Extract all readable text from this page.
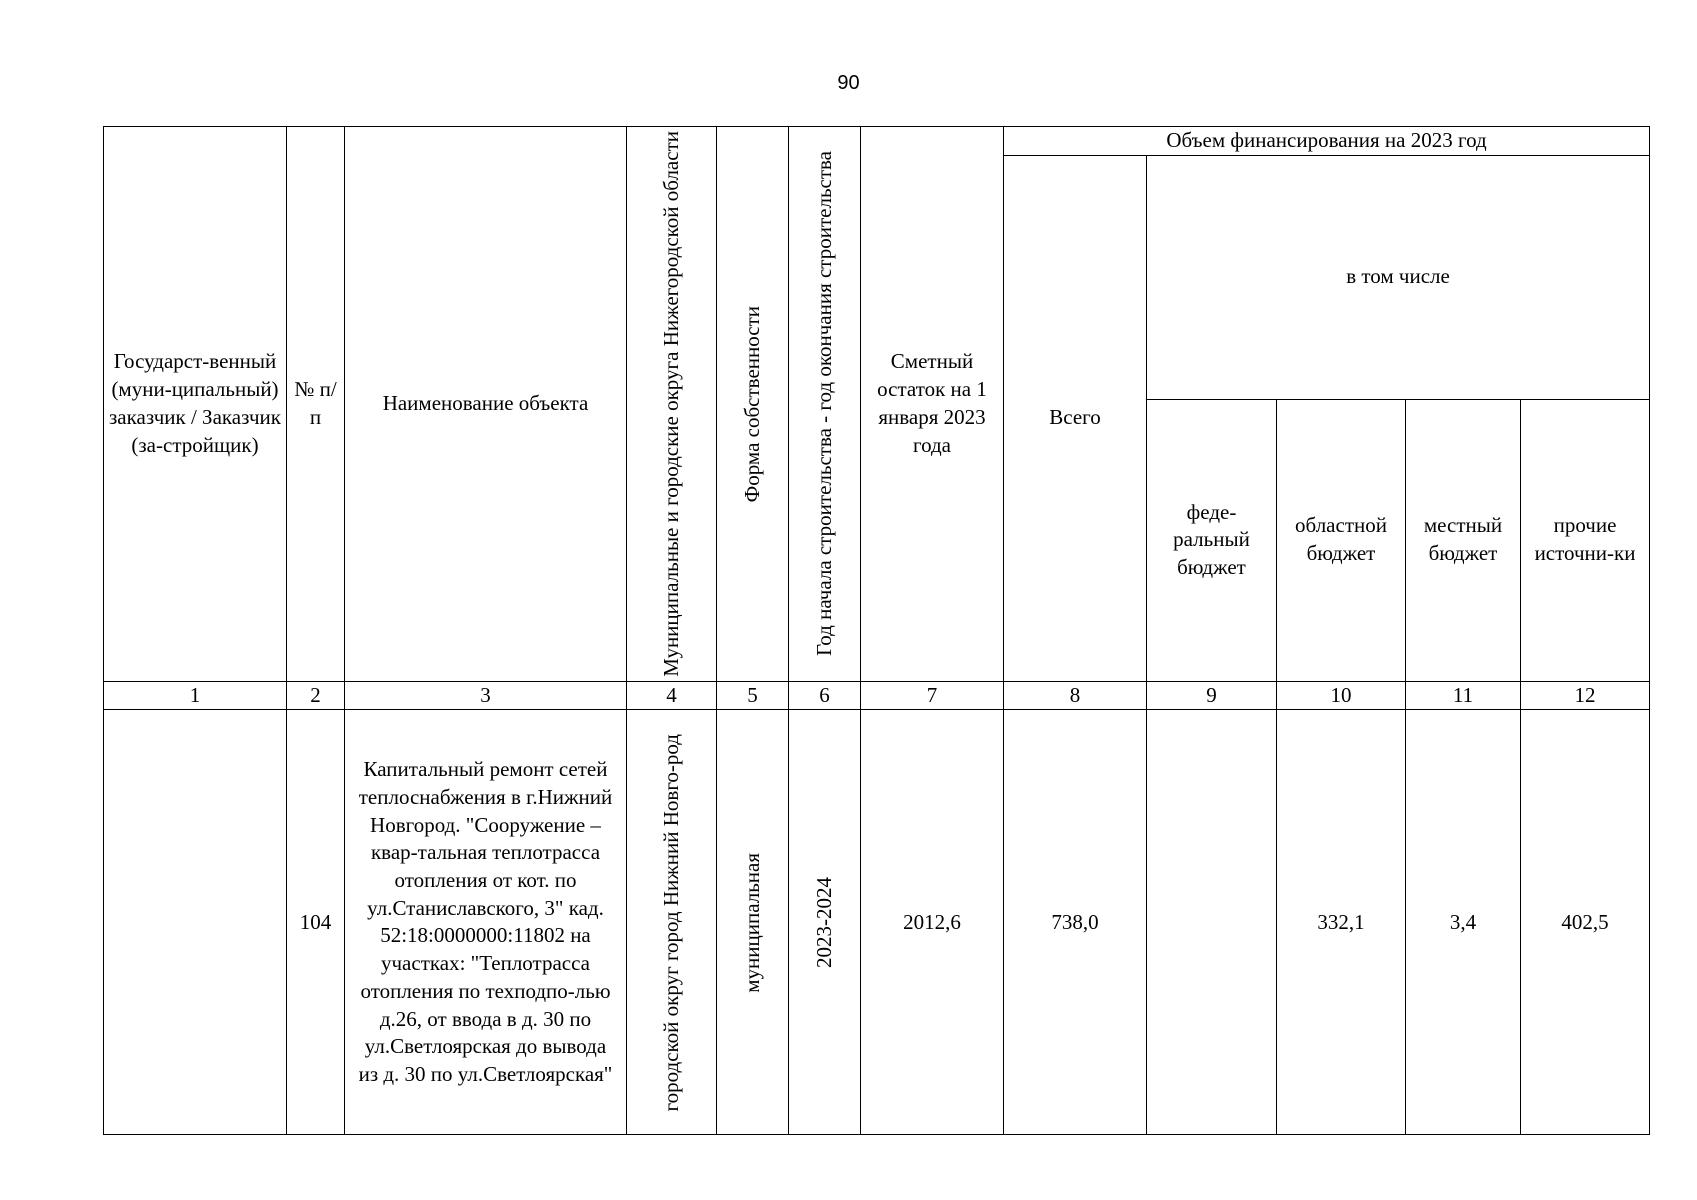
90
Государст-венный (муни-ципальный) заказчик / Заказчик (за-стройщик)	№ п/п	Наименование объекта	Муниципальные и городские округа Нижегородской области	Форма собственности	Год начала строительства - год окончания строительства	Сметный остаток на 1 января 2023 года	Объем финансирования на 2023 год				
							Всего	в том числе			
								феде-ральный бюджет	областной бюджет	местный бюджет	прочие источни-ки
1	2	3	4	5	6	7	8	9	10	11	12
	104	Капитальный ремонт сетей теплоснабжения в г.Нижний Новгород. "Сооружение – квар-тальная теплотрасса отопления от кот. по ул.Станиславского, 3" кад. 52:18:0000000:11802 на участках: "Теплотрасса отопления по техподпо-лью д.26, от ввода в д. 30 по ул.Светлоярская до вывода из д. 30 по ул.Светлоярская"	городской округ город Нижний Новго-род	муниципальная	2023-2024	2012,6	738,0		332,1	3,4	402,5
